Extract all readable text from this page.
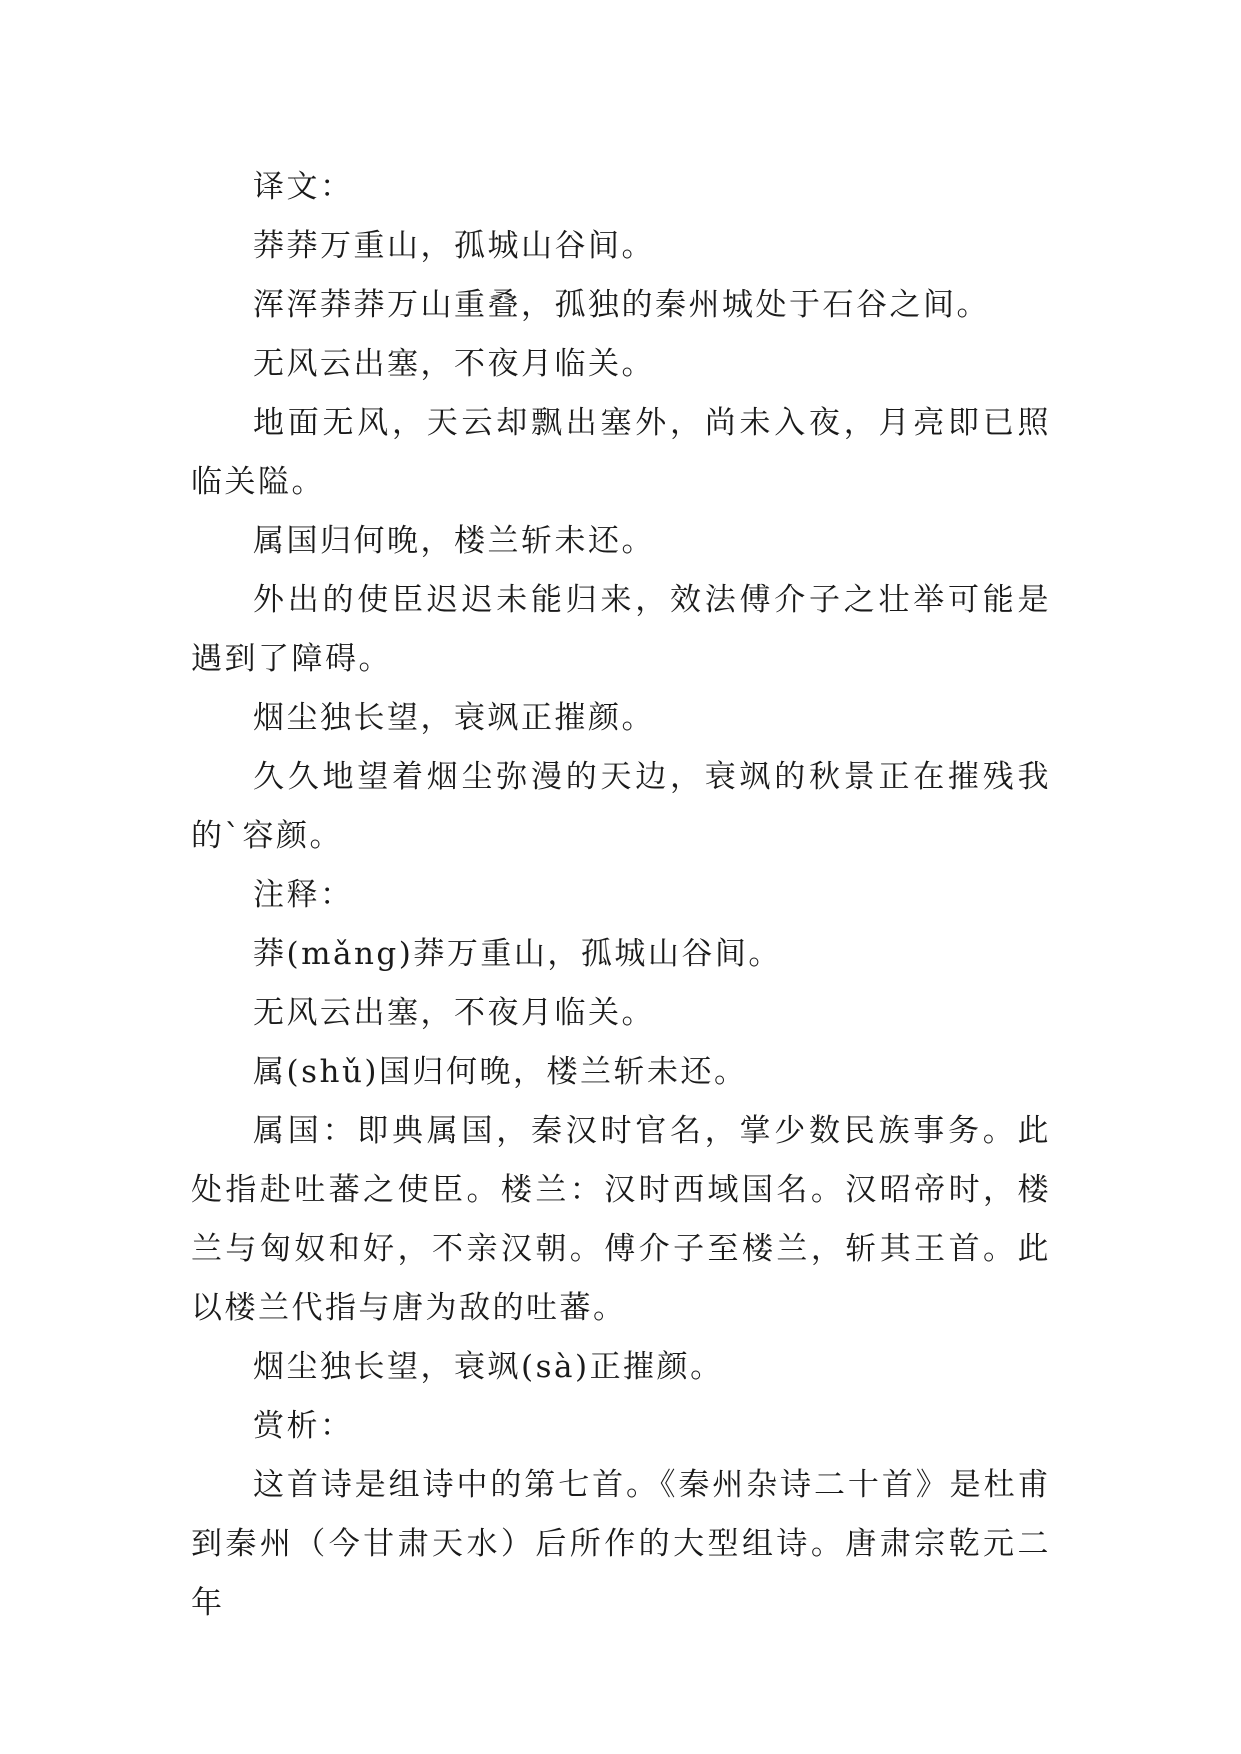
译文：

莽莽万重山，孤城山谷间。

浑浑莽莽万山重叠，孤独的秦州城处于石谷之间。

无风云出塞，不夜月临关。

地面无风，天云却飘出塞外，尚未入夜，月亮即已照临关隘。

属国归何晚，楼兰斩未还。

外出的使臣迟迟未能归来，效法傅介子之壮举可能是遇到了障碍。

烟尘独长望，衰飒正摧颜。

久久地望着烟尘弥漫的天边，衰飒的秋景正在摧残我的`容颜。

注释：

莽(mǎng)莽万重山，孤城山谷间。

无风云出塞，不夜月临关。

属(shǔ)国归何晚，楼兰斩未还。

属国：即典属国，秦汉时官名，掌少数民族事务。此处指赴吐蕃之使臣。楼兰：汉时西域国名。汉昭帝时，楼兰与匈奴和好，不亲汉朝。傅介子至楼兰，斩其王首。此以楼兰代指与唐为敌的吐蕃。

烟尘独长望，衰飒(sà)正摧颜。

赏析：

这首诗是组诗中的第七首。《秦州杂诗二十首》是杜甫到秦州（今甘肃天水）后所作的大型组诗。唐肃宗乾元二年
